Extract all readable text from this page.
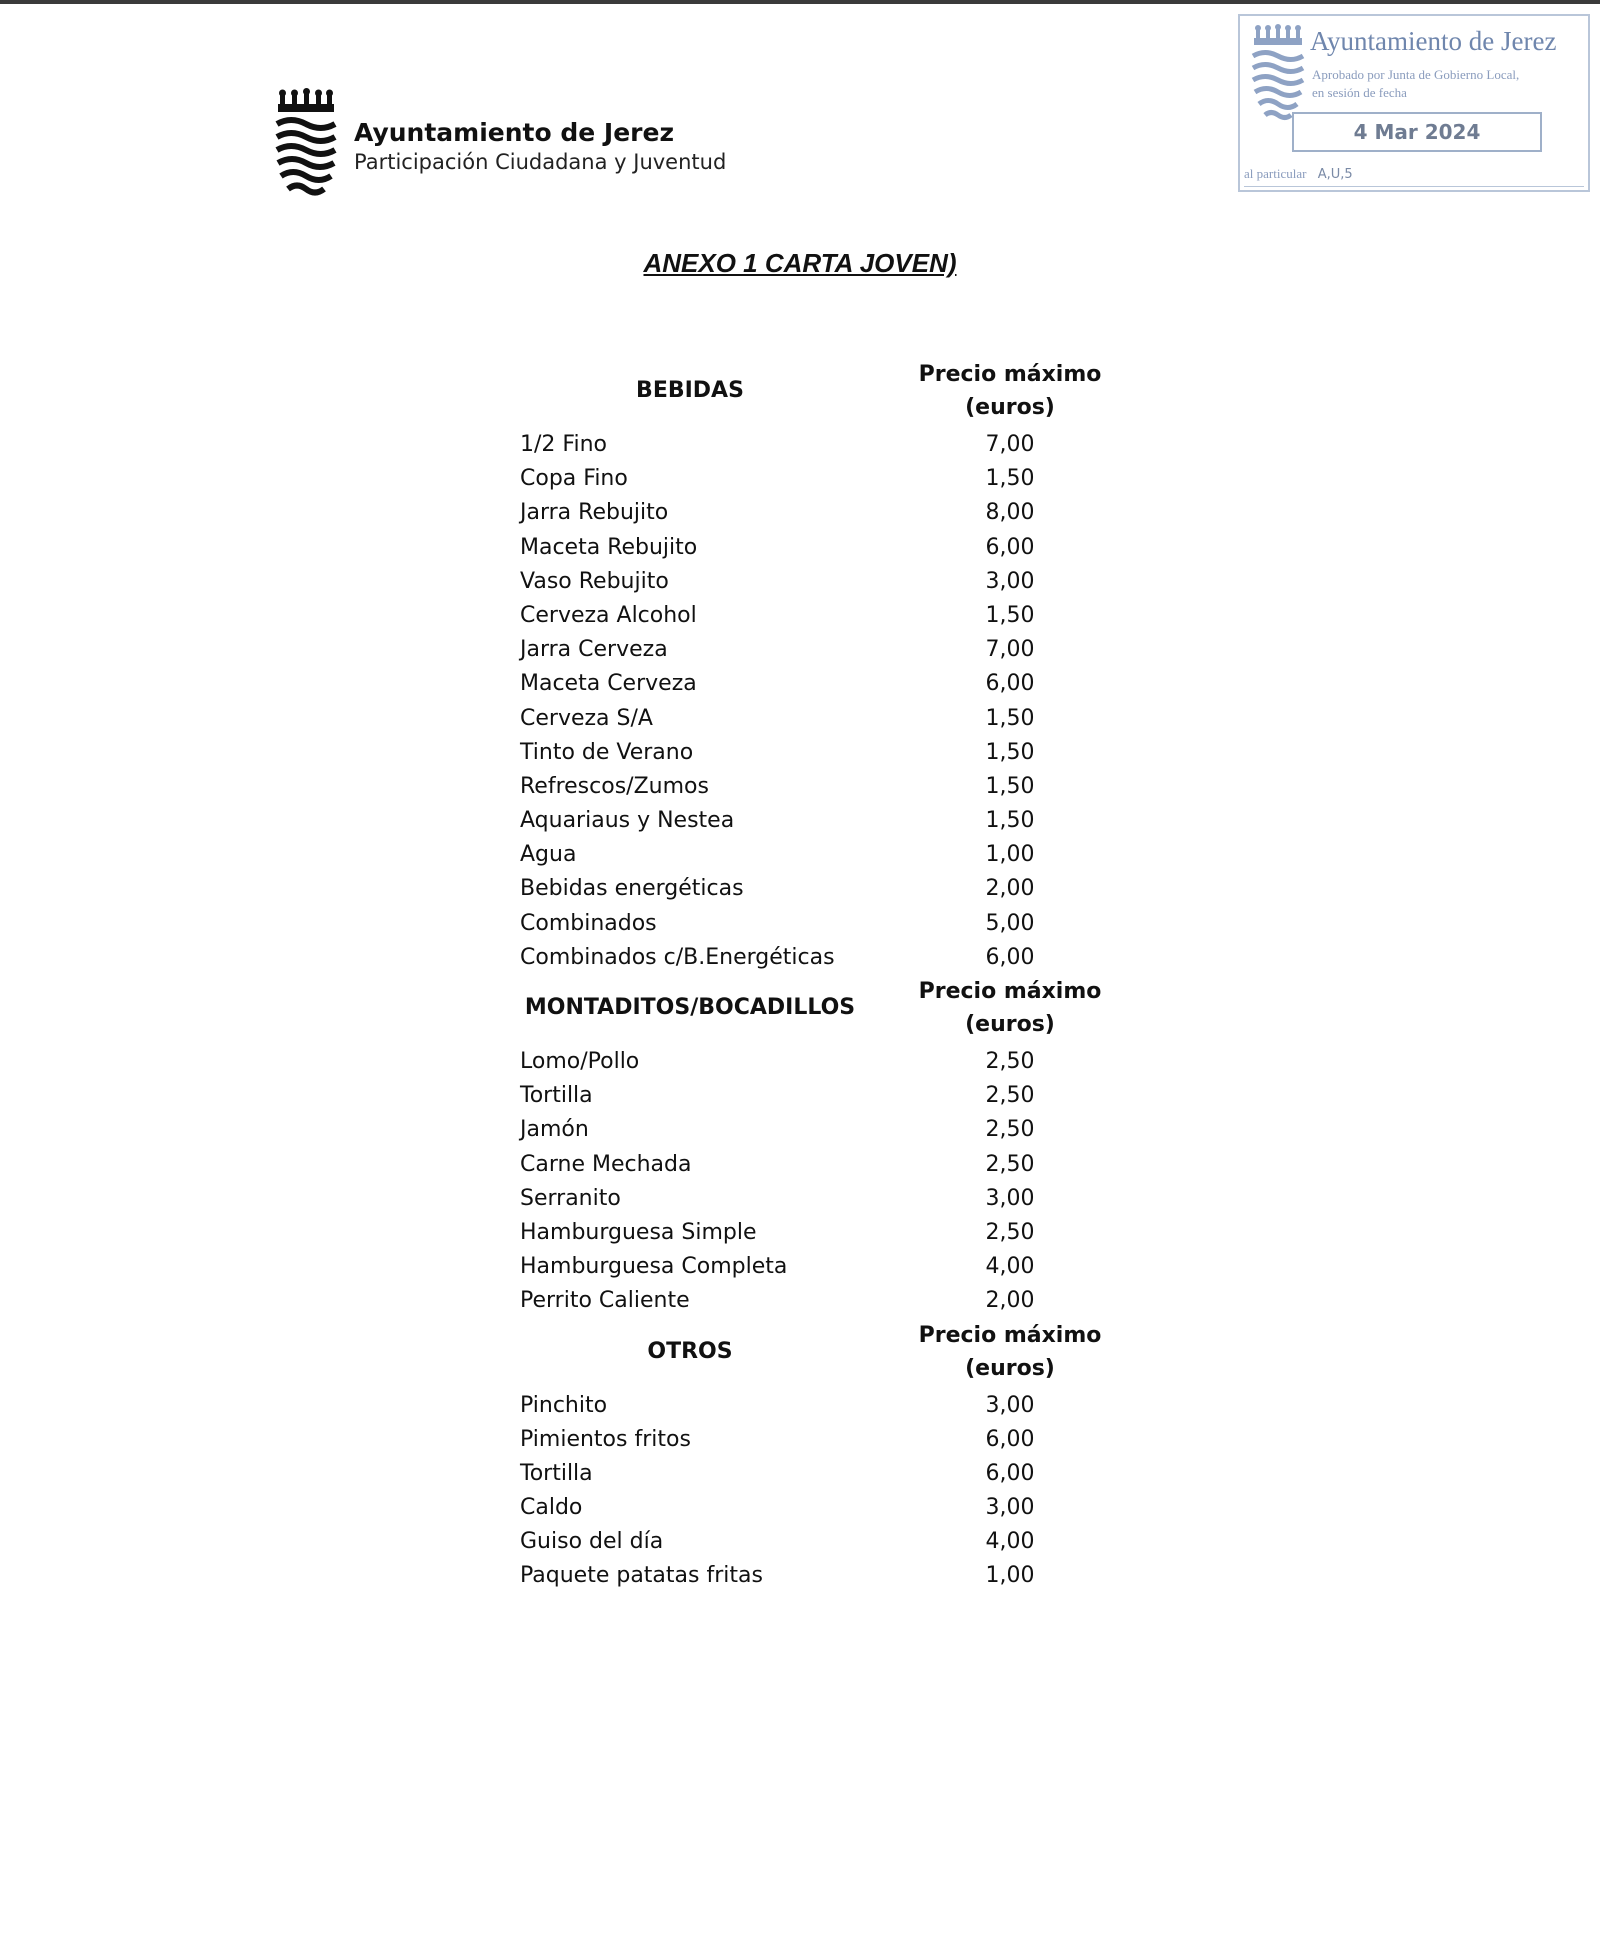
Ayuntamiento de Jerez
Participación Ciudadana y Juventud
Ayuntamiento de Jerez
Aprobado por Junta de Gobierno Local,
en sesión de fecha
4 Mar 2024
al particular A,U,5
ANEXO 1 CARTA JOVEN)
BEBIDAS
Precio máximo
(euros)
1/2 Fino	7,00
Copa Fino	1,50
Jarra Rebujito	8,00
Maceta Rebujito	6,00
Vaso Rebujito	3,00
Cerveza Alcohol	1,50
Jarra Cerveza	7,00
Maceta Cerveza	6,00
Cerveza S/A	1,50
Tinto de Verano	1,50
Refrescos/Zumos	1,50
Aquariaus y Nestea	1,50
Agua	1,00
Bebidas energéticas	2,00
Combinados	5,00
Combinados c/B.Energéticas	6,00
MONTADITOS/BOCADILLOS
Precio máximo
(euros)
Lomo/Pollo	2,50
Tortilla	2,50
Jamón	2,50
Carne Mechada	2,50
Serranito	3,00
Hamburguesa Simple	2,50
Hamburguesa Completa	4,00
Perrito Caliente	2,00
OTROS
Precio máximo
(euros)
Pinchito	3,00
Pimientos fritos	6,00
Tortilla	6,00
Caldo	3,00
Guiso del día	4,00
Paquete patatas fritas	1,00
